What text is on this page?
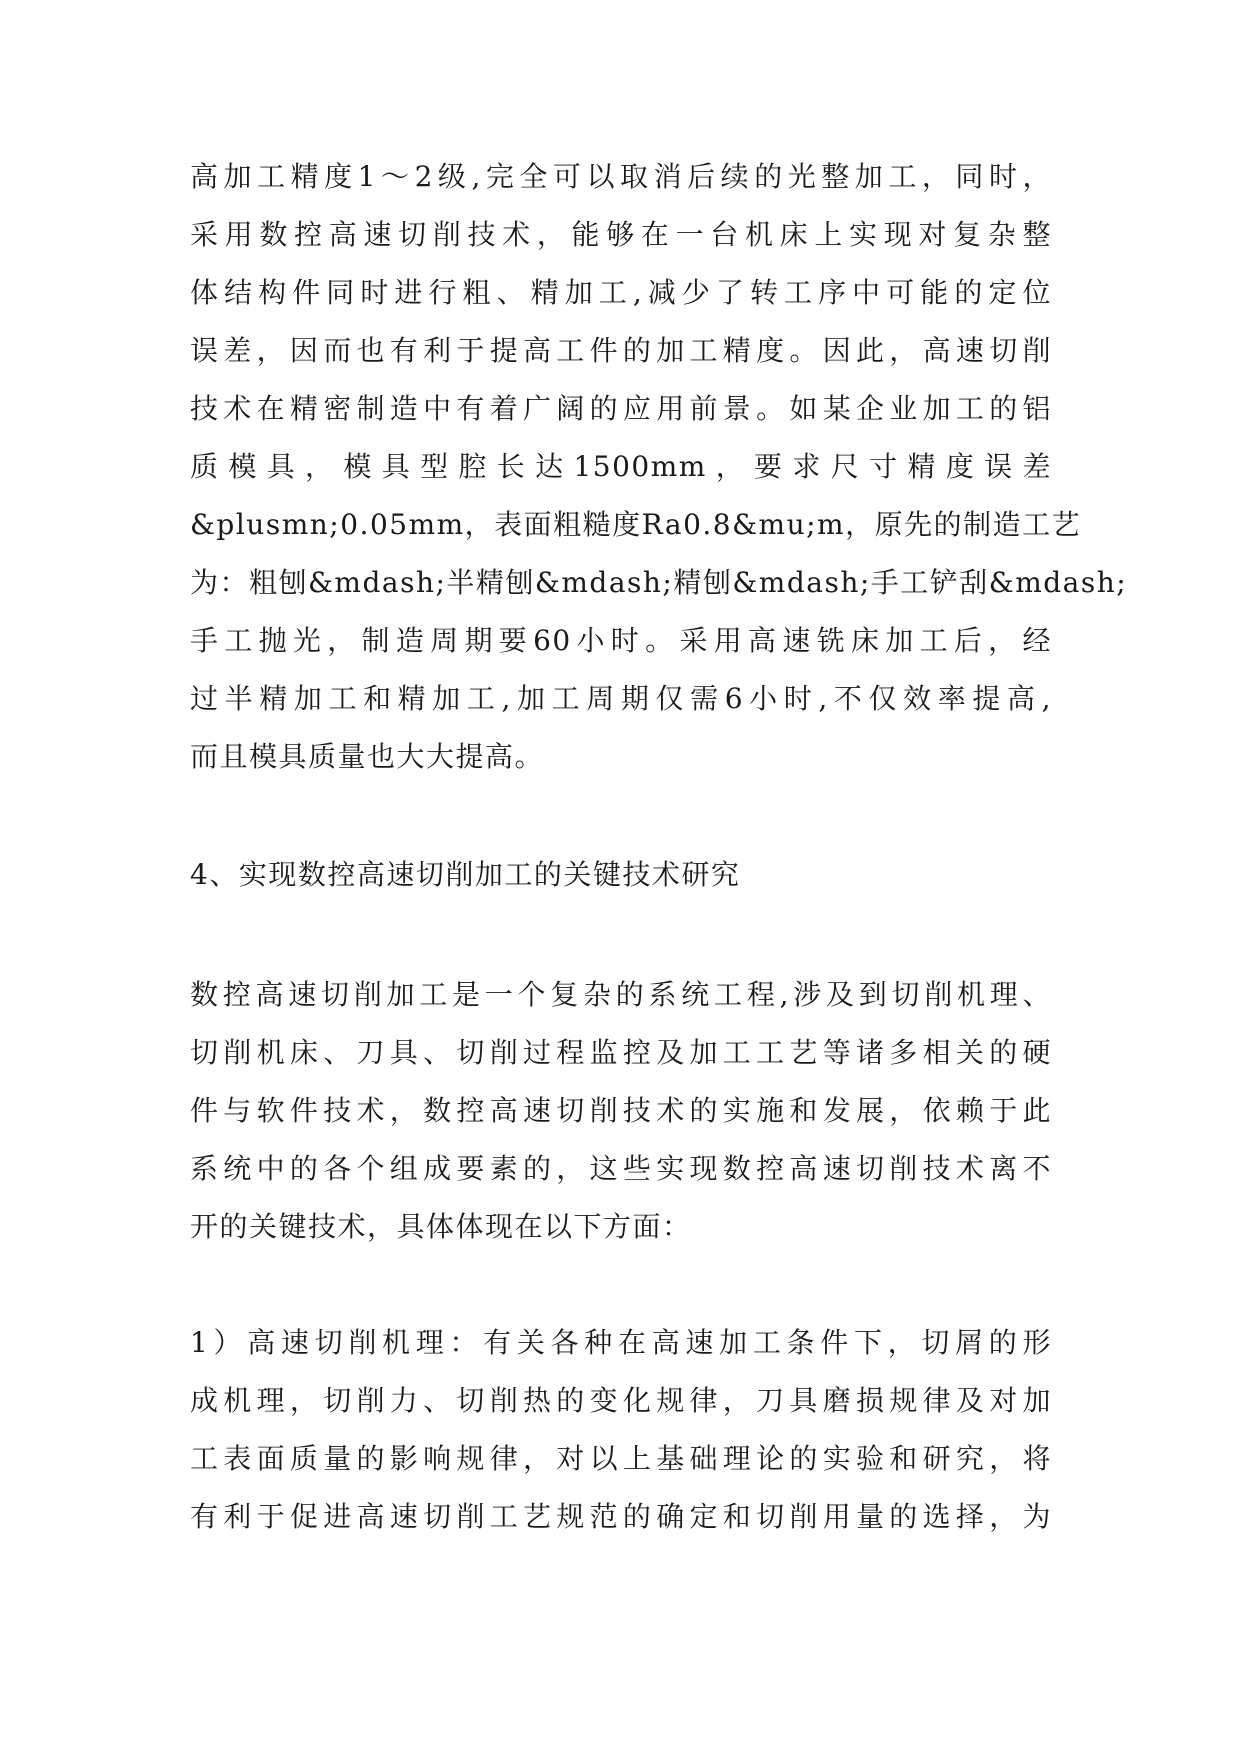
高加工精度1～2级,完全可以取消后续的光整加工，同时，
采用数控高速切削技术，能够在一台机床上实现对复杂整
体结构件同时进行粗、精加工,减少了转工序中可能的定位
误差，因而也有利于提高工件的加工精度。因此，高速切削
技术在精密制造中有着广阔的应用前景。如某企业加工的铝
质模具，模具型腔长达1500mm，要求尺寸精度误差
&plusmn;0.05mm，表面粗糙度Ra0.8&mu;m，原先的制造工艺
为：粗刨&mdash;半精刨&mdash;精刨&mdash;手工铲刮&mdash;
手工抛光，制造周期要60小时。采用高速铣床加工后，经
过半精加工和精加工,加工周期仅需6小时,不仅效率提高,
而且模具质量也大大提高。

4、实现数控高速切削加工的关键技术研究

数控高速切削加工是一个复杂的系统工程,涉及到切削机理、
切削机床、刀具、切削过程监控及加工工艺等诸多相关的硬
件与软件技术，数控高速切削技术的实施和发展，依赖于此
系统中的各个组成要素的，这些实现数控高速切削技术离不
开的关键技术，具体体现在以下方面：

1）高速切削机理：有关各种在高速加工条件下，切屑的形
成机理，切削力、切削热的变化规律，刀具磨损规律及对加
工表面质量的影响规律，对以上基础理论的实验和研究，将
有利于促进高速切削工艺规范的确定和切削用量的选择，为
